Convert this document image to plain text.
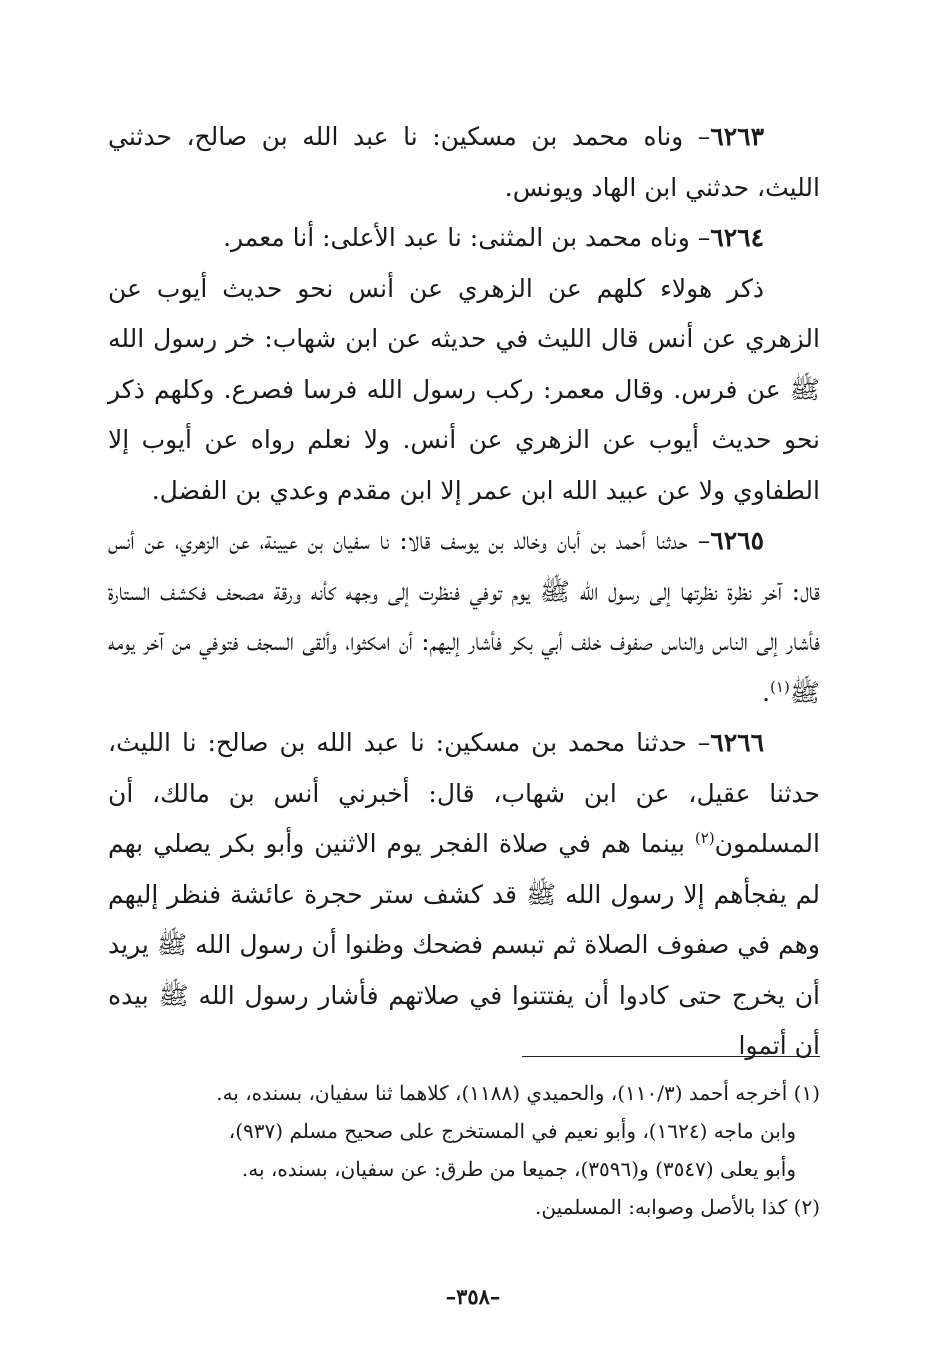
٦٢٦٣– وناه محمد بن مسكين: نا عبد الله بن صالح، حدثني الليث، حدثني ابن الهاد ويونس.

٦٢٦٤– وناه محمد بن المثنى: نا عبد الأعلى: أنا معمر.

ذكر هولاء كلهم عن الزهري عن أنس نحو حديث أيوب عن الزهري عن أنس قال الليث في حديثه عن ابن شهاب: خر رسول الله ﷺ عن فرس. وقال معمر: ركب رسول الله فرسا فصرع. وكلهم ذكر نحو حديث أيوب عن الزهري عن أنس. ولا نعلم رواه عن أيوب إلا الطفاوي ولا عن عبيد الله ابن عمر إلا ابن مقدم وعدي بن الفضل.

٦٢٦٥– حدثنا أحمد بن أبان وخالد بن يوسف قالا: نا سفيان بن عيينة، عن الزهري، عن أنس قال: آخر نظرة نظرتها إلى رسول الله ﷺ يوم توفي فنظرت إلى وجهه كأنه ورقة مصحف فكشف الستارة فأشار إلى الناس والناس صفوف خلف أبي بكر فأشار إليهم: أن امكثوا، وألقى السجف فتوفي من آخر يومه ﷺ$^{(١)}$.

٦٢٦٦– حدثنا محمد بن مسكين: نا عبد الله بن صالح: نا الليث، حدثنا عقيل، عن ابن شهاب، قال: أخبرني أنس بن مالك، أن المسلمون$^{(٢)}$ بينما هم في صلاة الفجر يوم الاثنين وأبو بكر يصلي بهم لم يفجأهم إلا رسول الله ﷺ قد كشف ستر حجرة عائشة فنظر إليهم وهم في صفوف الصلاة ثم تبسم فضحك وظنوا أن رسول الله ﷺ يريد أن يخرج حتى كادوا أن يفتتنوا في صلاتهم فأشار رسول الله ﷺ بيده أن أتموا

(١) أخرجه أحمد (١١٠/٣)، والحميدي (١١٨٨)، كلاهما ثنا سفيان، بسنده، به.

وابن ماجه (١٦٢٤)، وأبو نعيم في المستخرج على صحيح مسلم (٩٣٧)،

وأبو يعلى (٣٥٤٧) و(٣٥٩٦)، جميعا من طرق: عن سفيان، بسنده، به.

(٢) كذا بالأصل وصوابه: المسلمين.

–٣٥٨–
